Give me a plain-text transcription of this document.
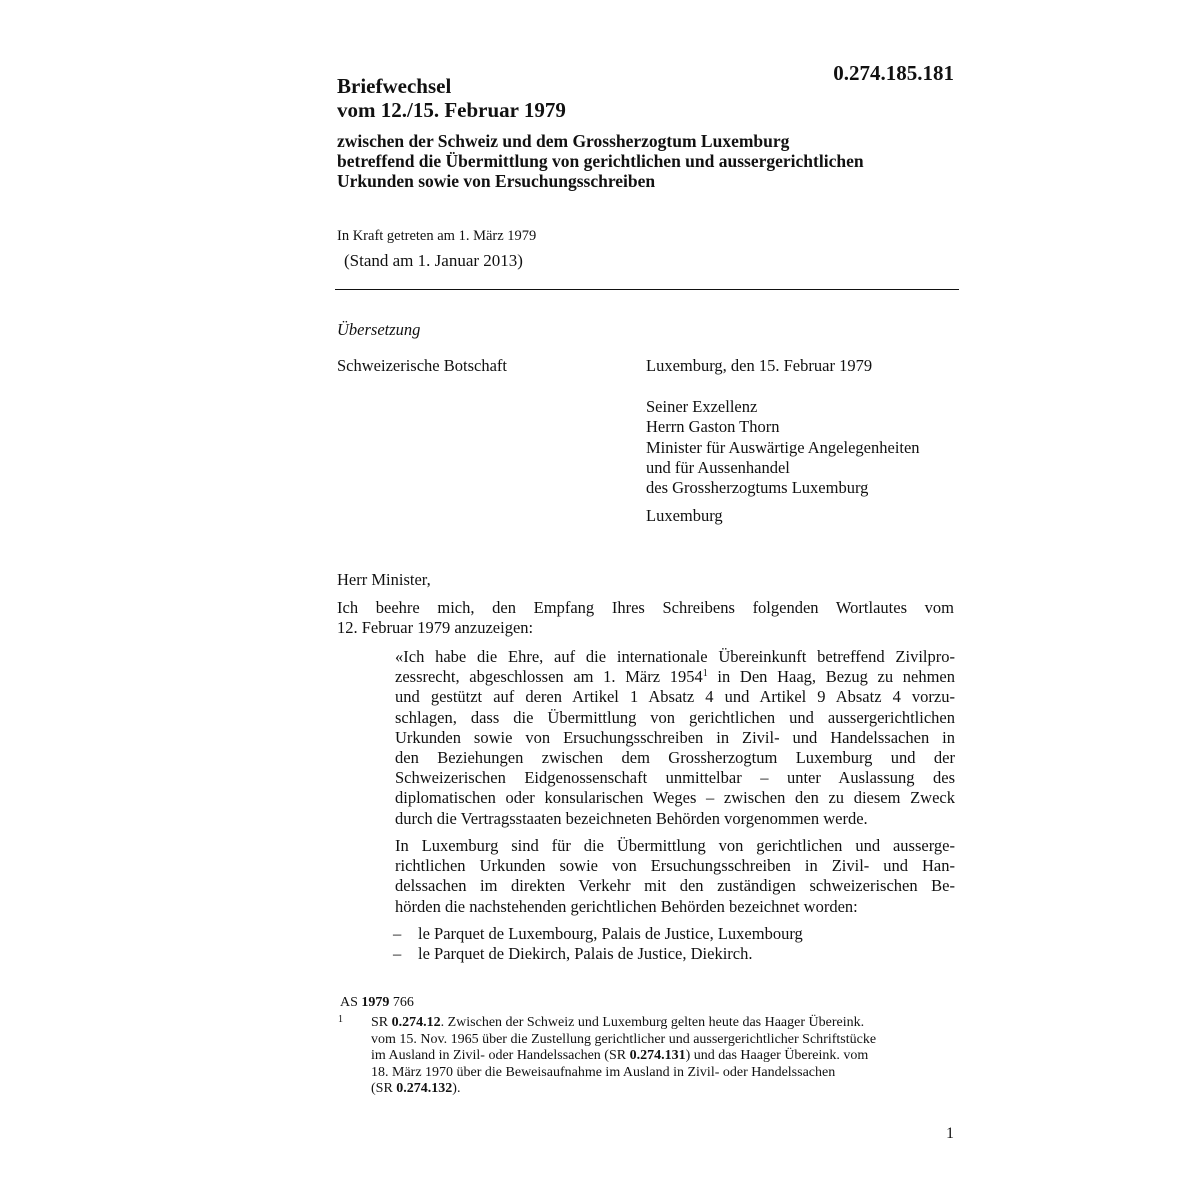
0.274.185.181
Briefwechsel
vom 12./15. Februar 1979
zwischen der Schweiz und dem Grossherzogtum Luxemburg
betreffend die Übermittlung von gerichtlichen und aussergerichtlichen
Urkunden sowie von Ersuchungsschreiben
In Kraft getreten am 1. März 1979
(Stand am 1. Januar 2013)
Übersetzung
Schweizerische Botschaft	Luxemburg, den 15. Februar 1979
Seiner Exzellenz
Herrn Gaston Thorn
Minister für Auswärtige Angelegenheiten
und für Aussenhandel
des Grossherzogtums Luxemburg
Luxemburg
Herr Minister,
Ich beehre mich, den Empfang Ihres Schreibens folgenden Wortlautes vom
12. Februar 1979 anzuzeigen:
«Ich habe die Ehre, auf die internationale Übereinkunft betreffend Zivilpro-
zessrecht, abgeschlossen am 1. März 1954$^1$ in Den Haag, Bezug zu nehmen
und gestützt auf deren Artikel 1 Absatz 4 und Artikel 9 Absatz 4 vorzu-
schlagen, dass die Übermittlung von gerichtlichen und aussergerichtlichen
Urkunden sowie von Ersuchungsschreiben in Zivil- und Handelssachen in
den Beziehungen zwischen dem Grossherzogtum Luxemburg und der
Schweizerischen Eidgenossenschaft unmittelbar – unter Auslassung des
diplomatischen oder konsularischen Weges – zwischen den zu diesem Zweck
durch die Vertragsstaaten bezeichneten Behörden vorgenommen werde.
In Luxemburg sind für die Übermittlung von gerichtlichen und ausserge-
richtlichen Urkunden sowie von Ersuchungsschreiben in Zivil- und Han-
delssachen im direkten Verkehr mit den zuständigen schweizerischen Be-
hörden die nachstehenden gerichtlichen Behörden bezeichnet worden:
– le Parquet de Luxembourg, Palais de Justice, Luxembourg
– le Parquet de Diekirch, Palais de Justice, Diekirch.
AS 1979 766
1 SR 0.274.12. Zwischen der Schweiz und Luxemburg gelten heute das Haager Übereink.
vom 15. Nov. 1965 über die Zustellung gerichtlicher und aussergerichtlicher Schriftstücke
im Ausland in Zivil- oder Handelssachen (SR 0.274.131) und das Haager Übereink. vom
18. März 1970 über die Beweisaufnahme im Ausland in Zivil- oder Handelssachen
(SR 0.274.132).
1
